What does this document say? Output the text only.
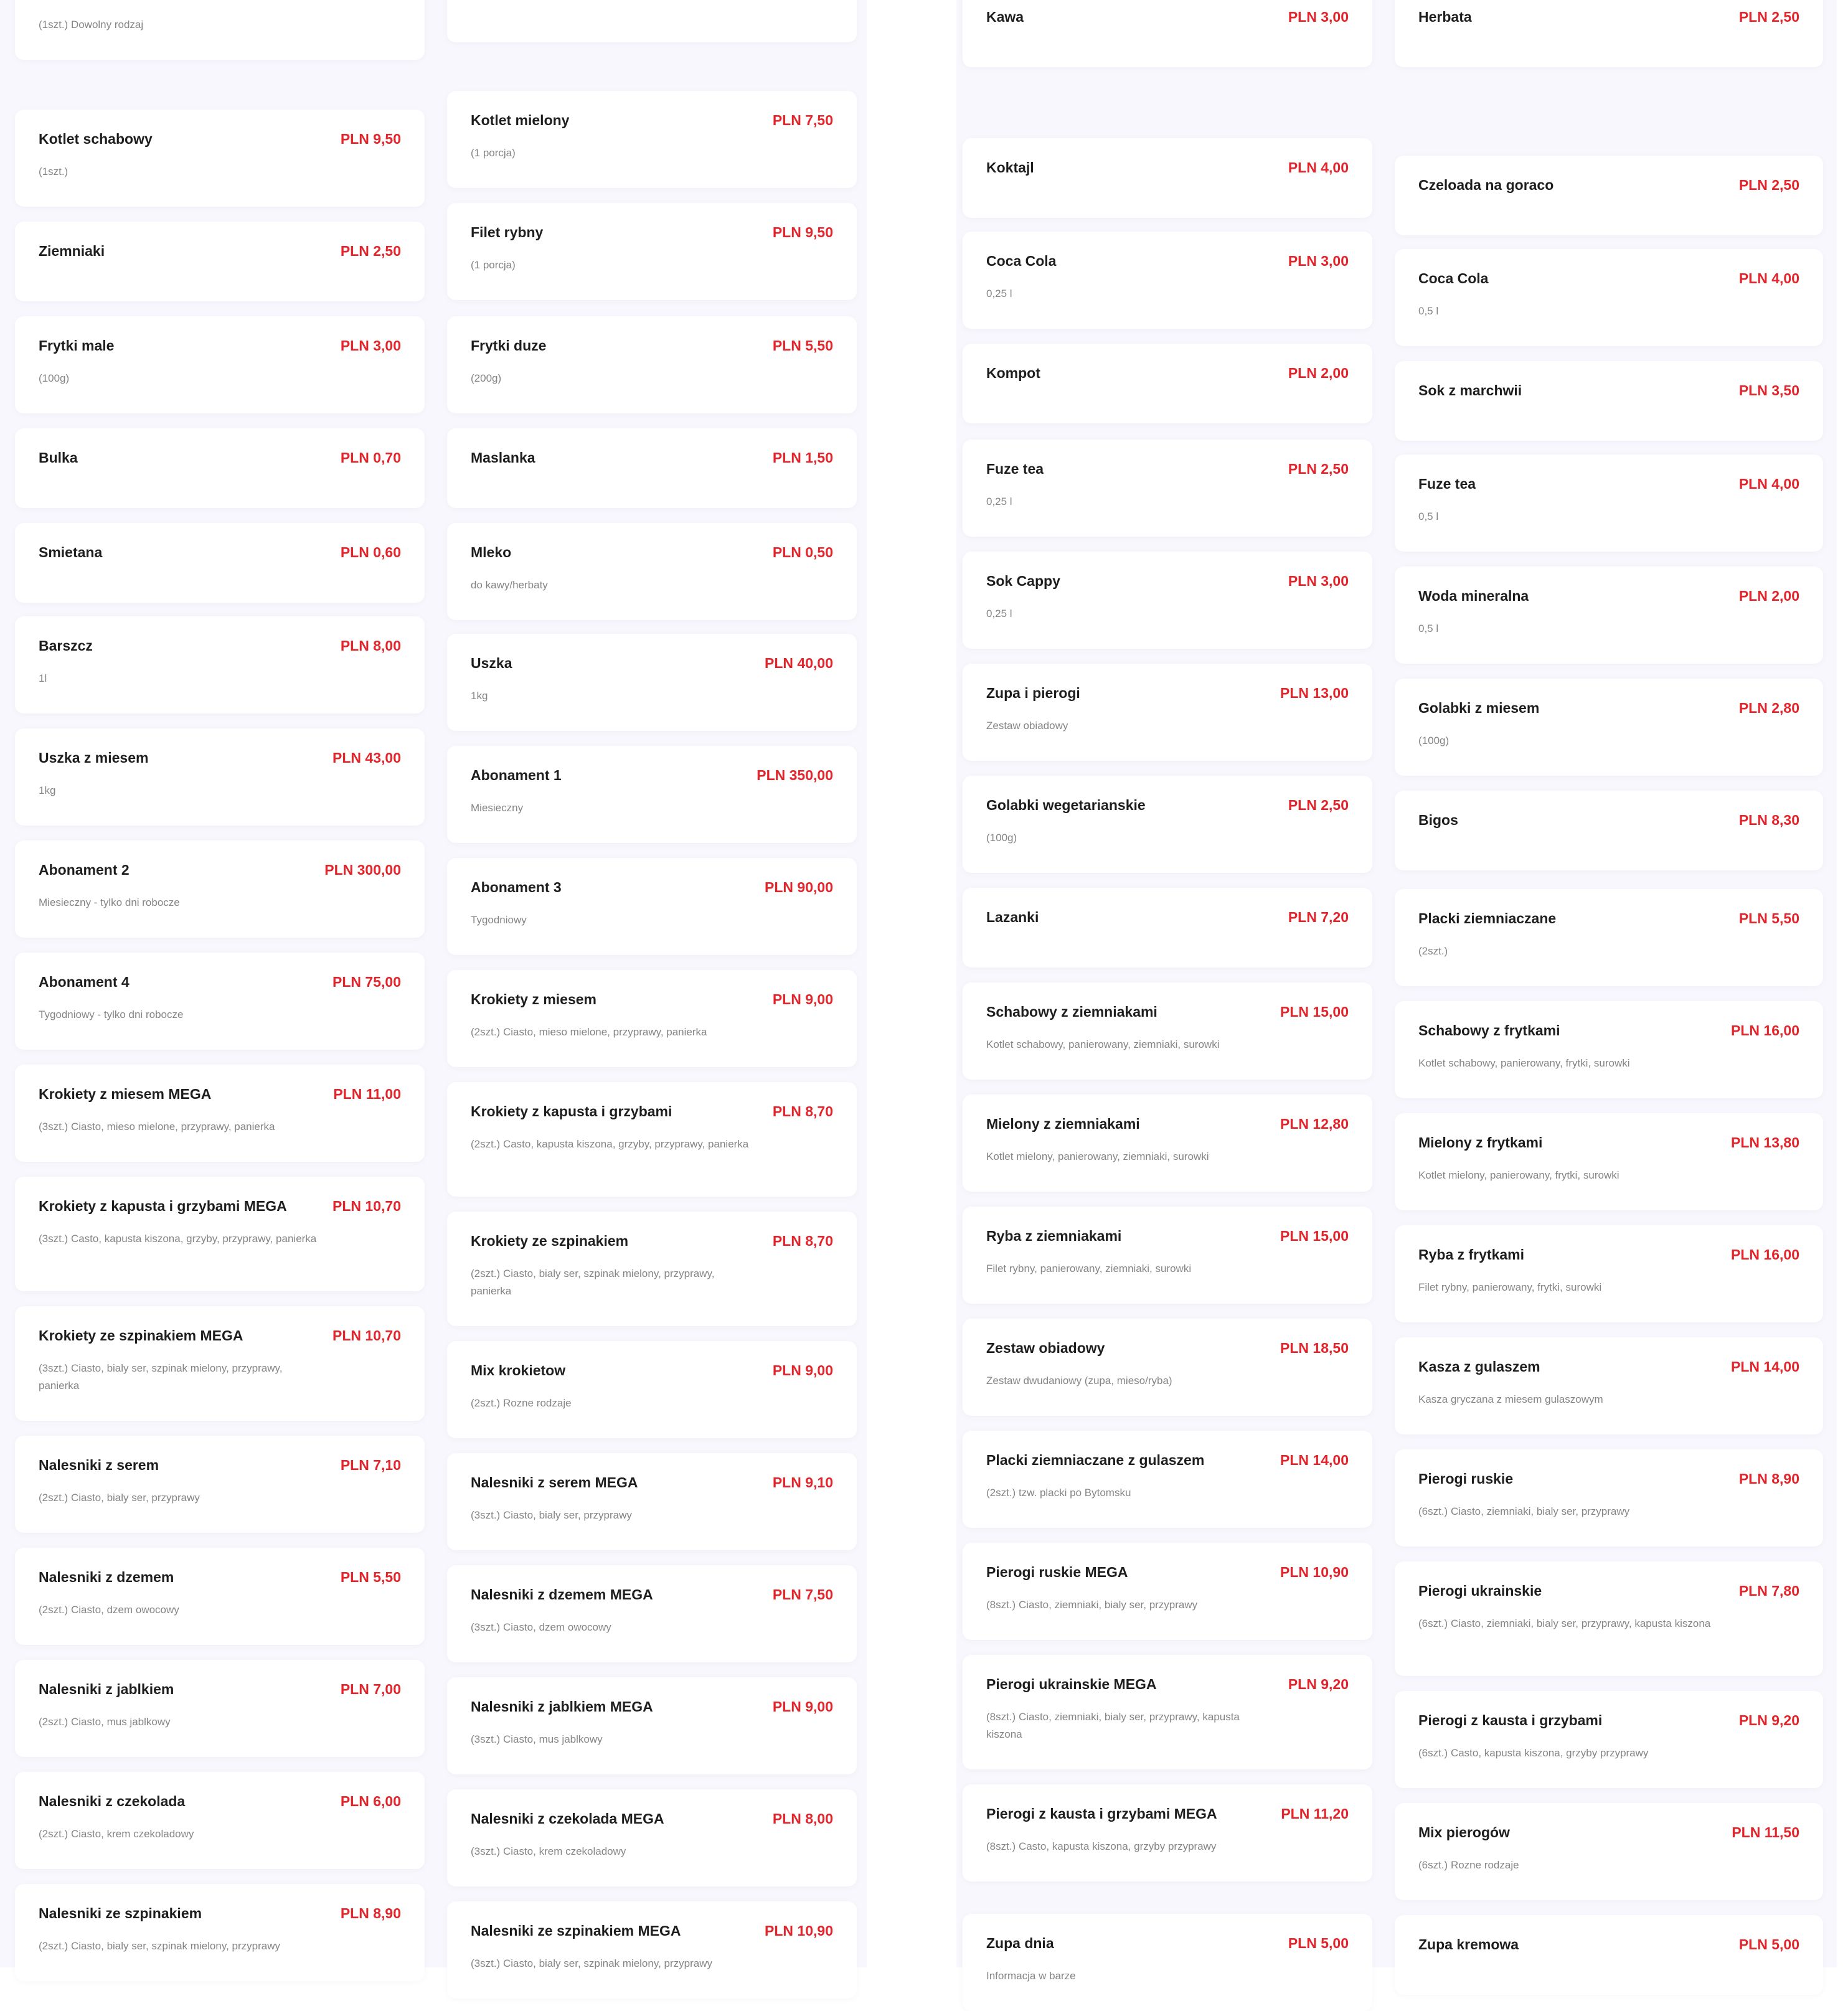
(1szt.) Dowolny rodzaj
Kotlet schabowy	PLN 9,50
(1szt.)
Ziemniaki	PLN 2,50
Frytki male	PLN 3,00
(100g)
Bulka	PLN 0,70
Smietana	PLN 0,60
Barszcz	PLN 8,00
1l
Uszka z miesem	PLN 43,00
1kg
Abonament 2	PLN 300,00
Miesieczny - tylko dni robocze
Abonament 4	PLN 75,00
Tygodniowy - tylko dni robocze
Krokiety z miesem MEGA	PLN 11,00
(3szt.) Ciasto, mieso mielone, przyprawy, panierka
Krokiety z kapusta i grzybami MEGA	PLN 10,70
(3szt.) Casto, kapusta kiszona, grzyby, przyprawy, panierka
Krokiety ze szpinakiem MEGA	PLN 10,70
(3szt.) Ciasto, bialy ser, szpinak mielony, przyprawy, panierka
Nalesniki z serem	PLN 7,10
(2szt.) Ciasto, bialy ser, przyprawy
Nalesniki z dzemem	PLN 5,50
(2szt.) Ciasto, dzem owocowy
Nalesniki z jablkiem	PLN 7,00
(2szt.) Ciasto, mus jablkowy
Nalesniki z czekolada	PLN 6,00
(2szt.) Ciasto, krem czekoladowy
Nalesniki ze szpinakiem	PLN 8,90
(2szt.) Ciasto, bialy ser, szpinak mielony, przyprawy
Kotlet mielony	PLN 7,50
(1 porcja)
Filet rybny	PLN 9,50
(1 porcja)
Frytki duze	PLN 5,50
(200g)
Maslanka	PLN 1,50
Mleko	PLN 0,50
do kawy/herbaty
Uszka	PLN 40,00
1kg
Abonament 1	PLN 350,00
Miesieczny
Abonament 3	PLN 90,00
Tygodniowy
Krokiety z miesem	PLN 9,00
(2szt.) Ciasto, mieso mielone, przyprawy, panierka
Krokiety z kapusta i grzybami	PLN 8,70
(2szt.) Casto, kapusta kiszona, grzyby, przyprawy, panierka
Krokiety ze szpinakiem	PLN 8,70
(2szt.) Ciasto, bialy ser, szpinak mielony, przyprawy, panierka
Mix krokietow	PLN 9,00
(2szt.) Rozne rodzaje
Nalesniki z serem MEGA	PLN 9,10
(3szt.) Ciasto, bialy ser, przyprawy
Nalesniki z dzemem MEGA	PLN 7,50
(3szt.) Ciasto, dzem owocowy
Nalesniki z jablkiem MEGA	PLN 9,00
(3szt.) Ciasto, mus jablkowy
Nalesniki z czekolada MEGA	PLN 8,00
(3szt.) Ciasto, krem czekoladowy
Nalesniki ze szpinakiem MEGA	PLN 10,90
(3szt.) Ciasto, bialy ser, szpinak mielony, przyprawy
Kawa	PLN 3,00
Koktajl	PLN 4,00
Coca Cola	PLN 3,00
0,25 l
Kompot	PLN 2,00
Fuze tea	PLN 2,50
0,25 l
Sok Cappy	PLN 3,00
0,25 l
Zupa i pierogi	PLN 13,00
Zestaw obiadowy
Golabki wegetarianskie	PLN 2,50
(100g)
Lazanki	PLN 7,20
Schabowy z ziemniakami	PLN 15,00
Kotlet schabowy, panierowany, ziemniaki, surowki
Mielony z ziemniakami	PLN 12,80
Kotlet mielony, panierowany, ziemniaki, surowki
Ryba z ziemniakami	PLN 15,00
Filet rybny, panierowany, ziemniaki, surowki
Zestaw obiadowy	PLN 18,50
Zestaw dwudaniowy (zupa, mieso/ryba)
Placki ziemniaczane z gulaszem	PLN 14,00
(2szt.) tzw. placki po Bytomsku
Pierogi ruskie MEGA	PLN 10,90
(8szt.) Ciasto, ziemniaki, bialy ser, przyprawy
Pierogi ukrainskie MEGA	PLN 9,20
(8szt.) Ciasto, ziemniaki, bialy ser, przyprawy, kapusta kiszona
Pierogi z kausta i grzybami MEGA	PLN 11,20
(8szt.) Casto, kapusta kiszona, grzyby przyprawy
Zupa dnia	PLN 5,00
Informacja w barze
Herbata	PLN 2,50
Czeloada na goraco	PLN 2,50
Coca Cola	PLN 4,00
0,5 l
Sok z marchwii	PLN 3,50
Fuze tea	PLN 4,00
0,5 l
Woda mineralna	PLN 2,00
0,5 l
Golabki z miesem	PLN 2,80
(100g)
Bigos	PLN 8,30
Placki ziemniaczane	PLN 5,50
(2szt.)
Schabowy z frytkami	PLN 16,00
Kotlet schabowy, panierowany, frytki, surowki
Mielony z frytkami	PLN 13,80
Kotlet mielony, panierowany, frytki, surowki
Ryba z frytkami	PLN 16,00
Filet rybny, panierowany, frytki, surowki
Kasza z gulaszem	PLN 14,00
Kasza gryczana z miesem gulaszowym
Pierogi ruskie	PLN 8,90
(6szt.) Ciasto, ziemniaki, bialy ser, przyprawy
Pierogi ukrainskie	PLN 7,80
(6szt.) Ciasto, ziemniaki, bialy ser, przyprawy, kapusta kiszona
Pierogi z kausta i grzybami	PLN 9,20
(6szt.) Casto, kapusta kiszona, grzyby przyprawy
Mix pierogów	PLN 11,50
(6szt.) Rozne rodzaje
Zupa kremowa	PLN 5,00
